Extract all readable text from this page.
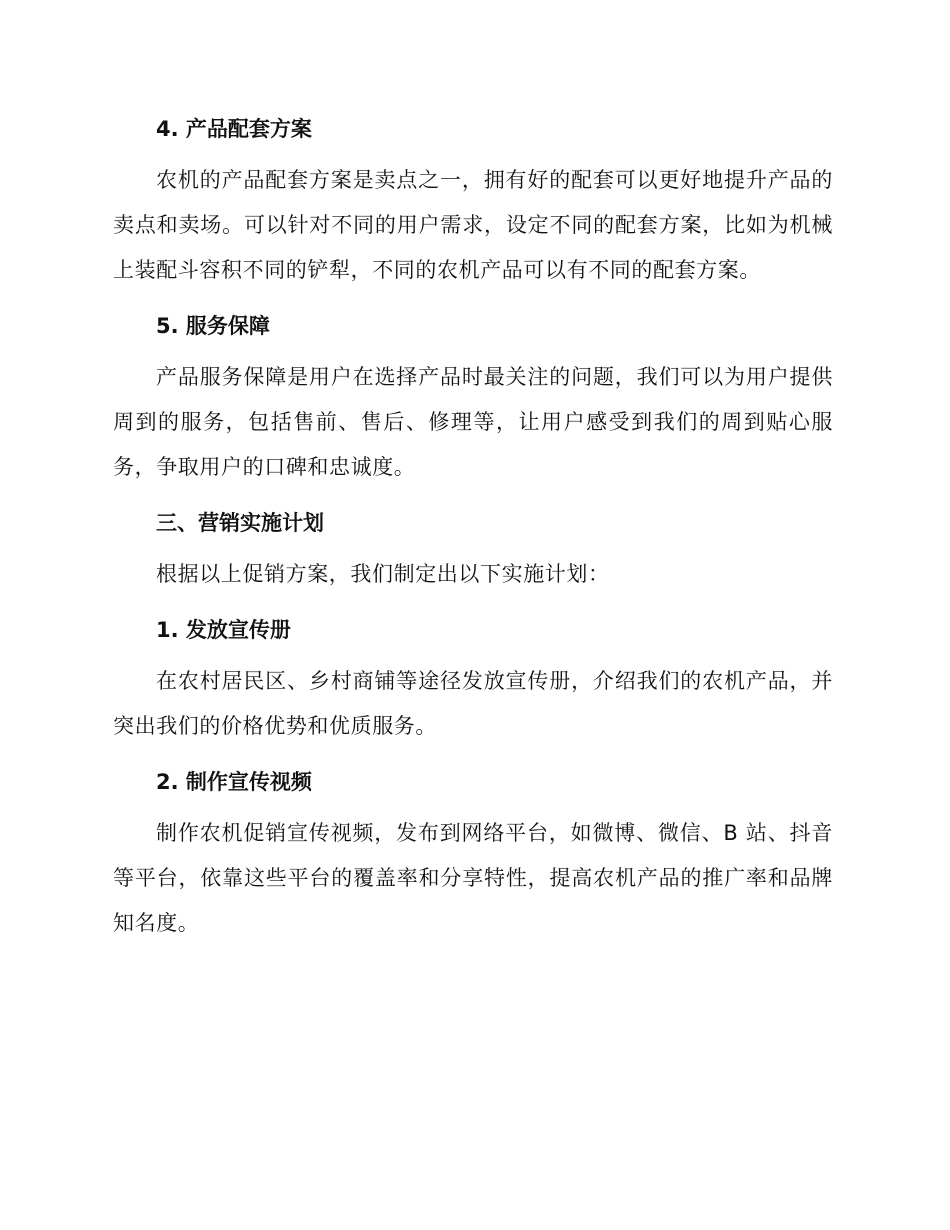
4. 产品配套方案

农机的产品配套方案是卖点之一，拥有好的配套可以更好地提升产品的卖点和卖场。可以针对不同的用户需求，设定不同的配套方案，比如为机械上装配斗容积不同的铲犁，不同的农机产品可以有不同的配套方案。

5. 服务保障

产品服务保障是用户在选择产品时最关注的问题，我们可以为用户提供周到的服务，包括售前、售后、修理等，让用户感受到我们的周到贴心服务，争取用户的口碑和忠诚度。

三、营销实施计划

根据以上促销方案，我们制定出以下实施计划：

1. 发放宣传册

在农村居民区、乡村商铺等途径发放宣传册，介绍我们的农机产品，并突出我们的价格优势和优质服务。

2. 制作宣传视频

制作农机促销宣传视频，发布到网络平台，如微博、微信、B 站、抖音等平台，依靠这些平台的覆盖率和分享特性，提高农机产品的推广率和品牌知名度。
